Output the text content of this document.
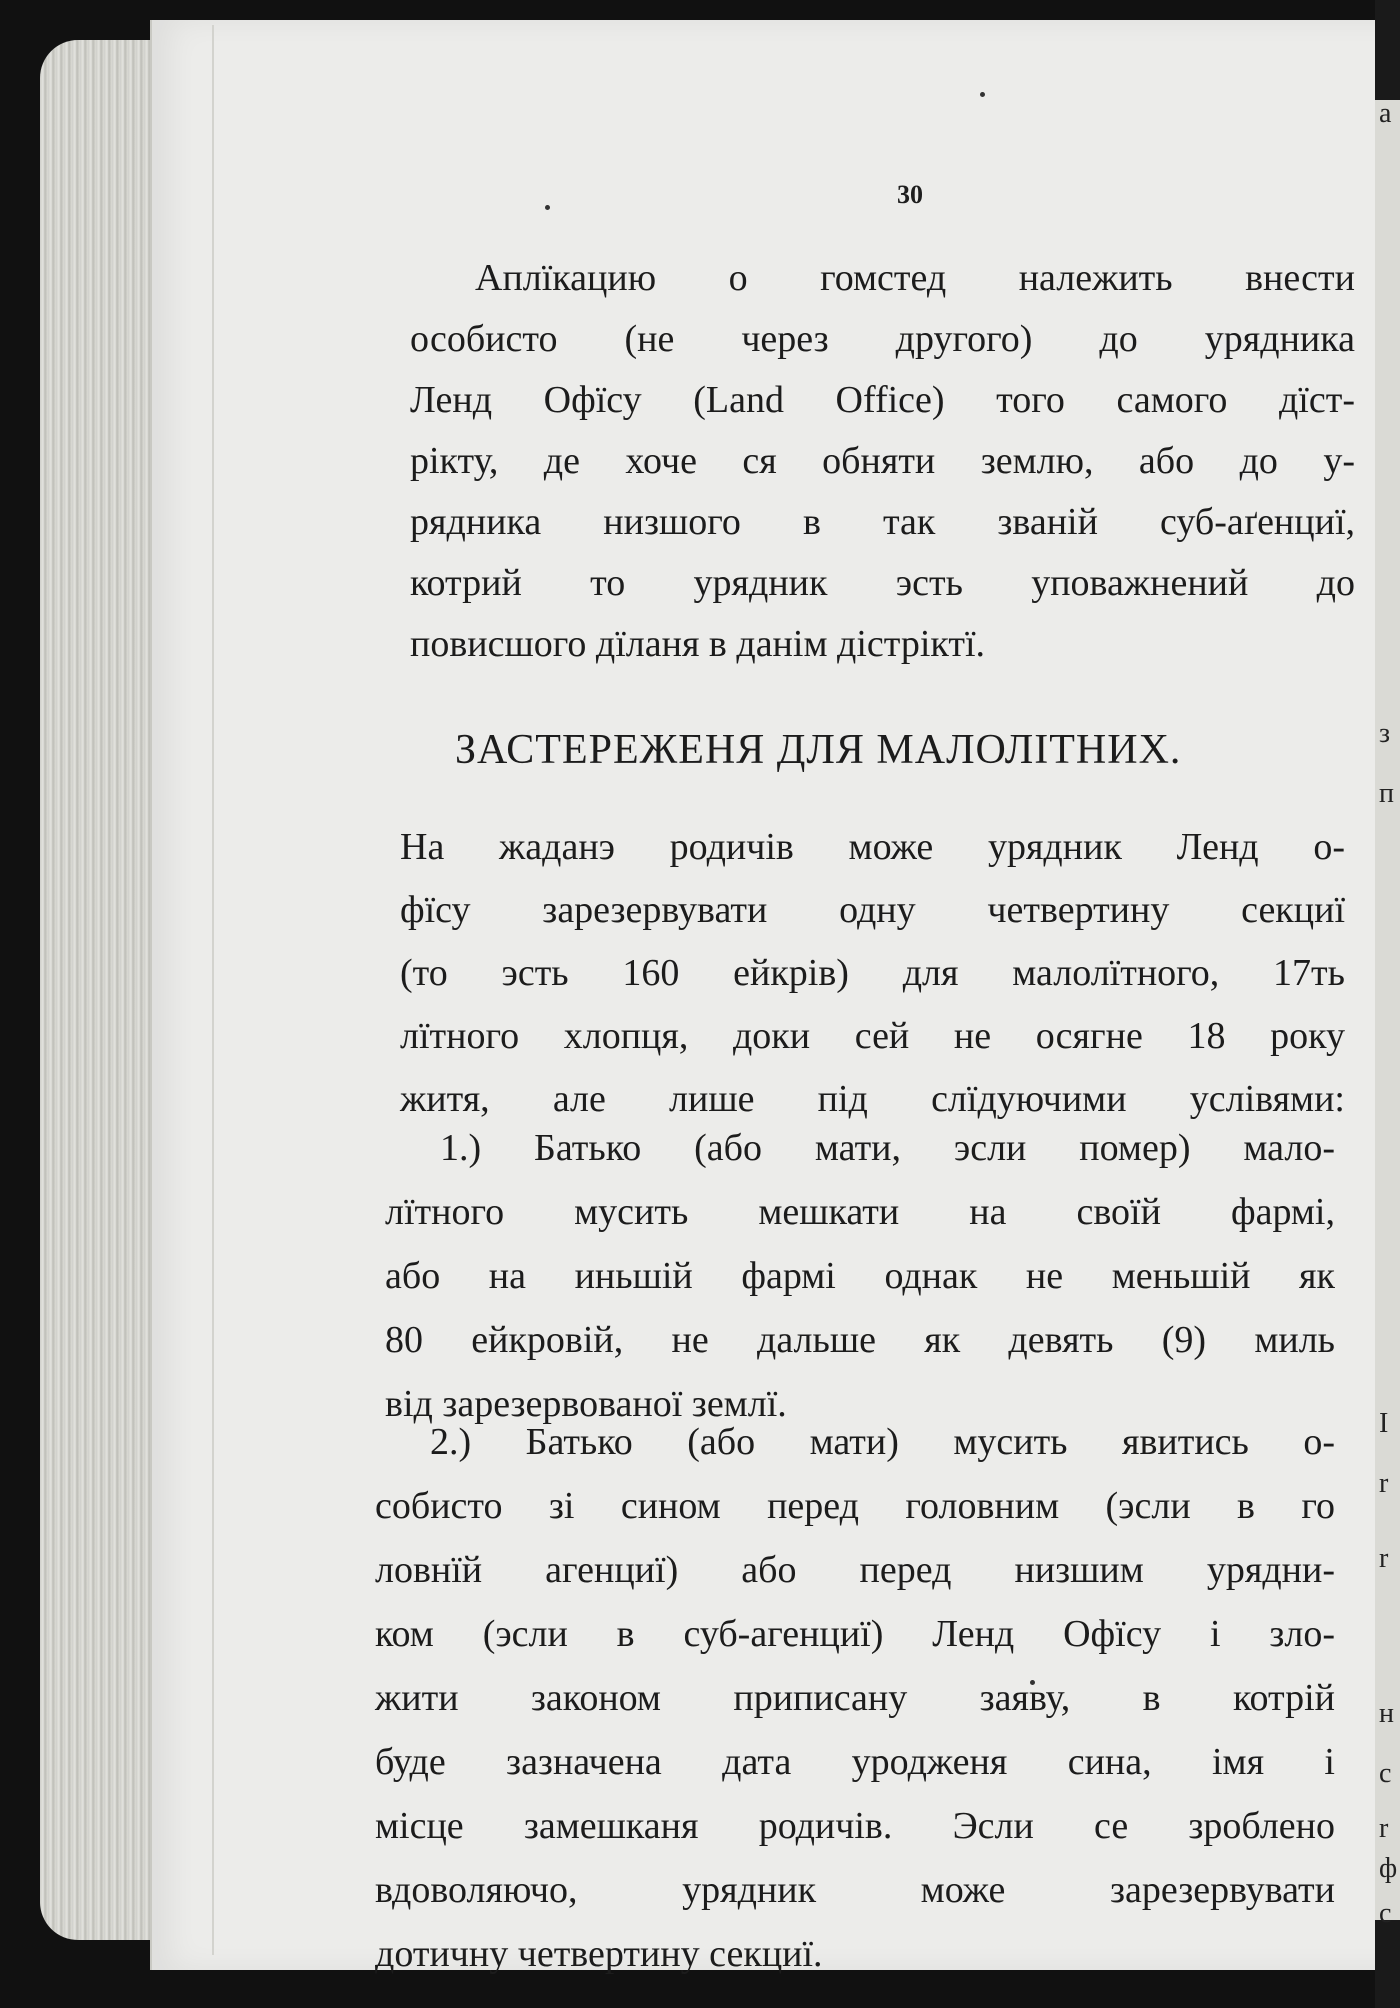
a
з
п
I
r
r
н
c
r
ф
c
30
Аплїкацию о гомстед належить внести
особисто (не через другого) до урядника
Ленд Офїсу (Land Office) того самого дїст-
рікту, де хоче ся обняти землю, або до у-
рядника низшого в так званій суб-аґенциї,
котрий то урядник эсть уповажнений до
повисшого дїланя в данім дістріктї.
ЗАСТЕРЕЖЕНЯ ДЛЯ МАЛОЛІТНИХ.
На жаданэ родичів може урядник Ленд о-
фїсу зарезервувати одну четвертину секциї
(то эсть 160 ейкрів) для малолїтного, 17ть
лїтного хлопця, доки сей не осягне 18 року
житя, але лише під слїдуючими услівями:
1.) Батько (або мати, эсли помер) мало-
лїтного мусить мешкати на своїй фармі,
або на иньшій фармі однак не меньшій як
80 ейкровій, не дальше як девять (9) миль
від зарезервованої землї.
2.) Батько (або мати) мусить явитись о-
собисто зі сином перед головним (эсли в го
ловнїй агенциї) або перед низшим урядни-
ком (эсли в суб-агенциї) Ленд Офїсу і зло-
жити законом приписану заяву, в котрій
буде зазначена дата уродженя сина, імя і
місце замешканя родичів. Эсли се зроблено
вдоволяючо, урядник може зарезервувати
дотичну четвертину секциї.
